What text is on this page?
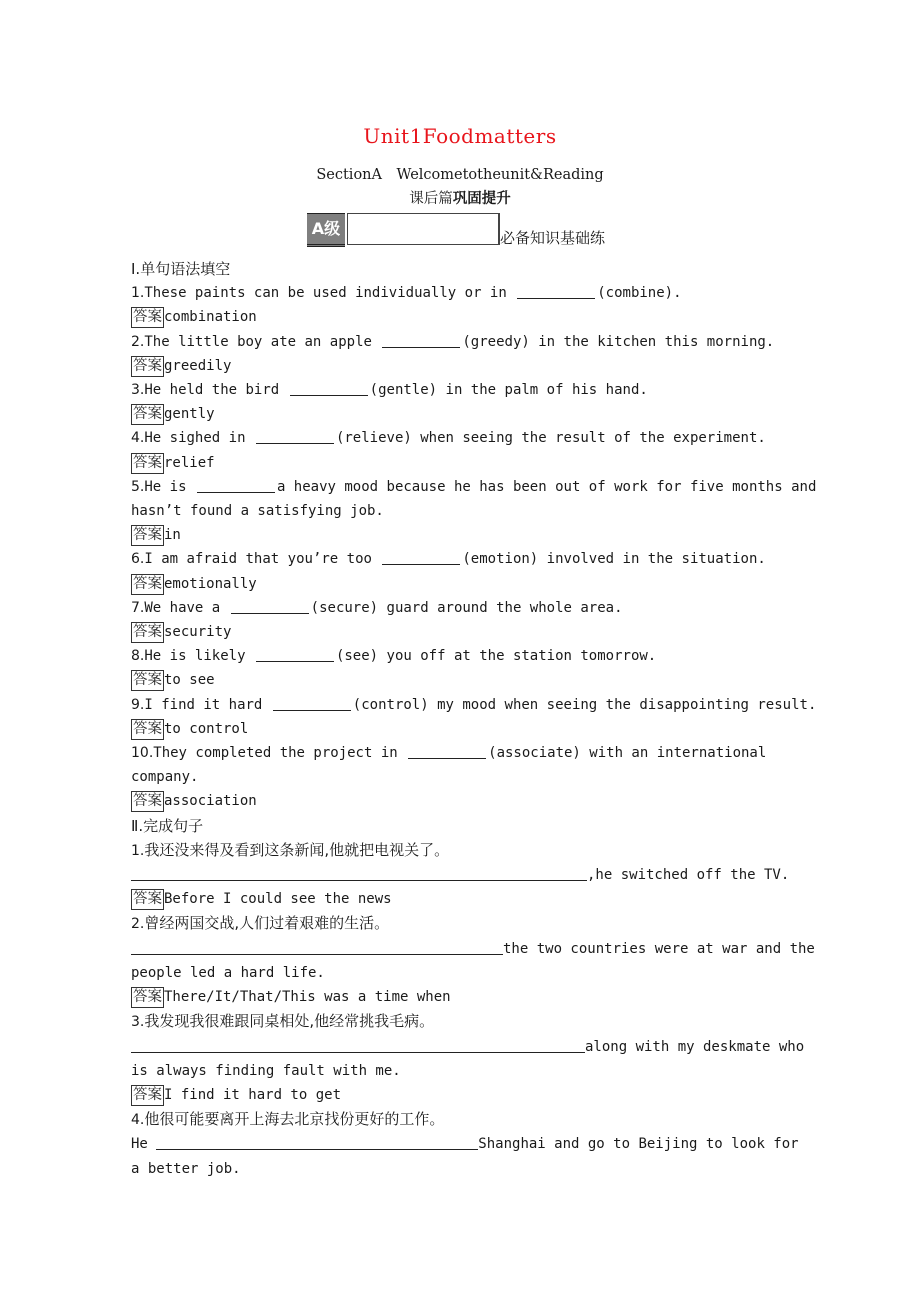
Unit1Foodmatters
SectionA　Welcometotheunit&Reading
课后篇巩固提升
A级	必备知识基础练
Ⅰ.单句语法填空
1.These paints can be used individually or in	(combine).
答案 combination
2.The little boy ate an apple	(greedy) in the kitchen this morning.
答案 greedily
3.He held the bird	(gentle) in the palm of his hand.
答案 gently
4.He sighed in	(relieve) when seeing the result of the experiment.
答案 relief
5.He is	a heavy mood because he has been out of work for five months and
hasn’t found a satisfying job.
答案 in
6.I am afraid that you’re too	(emotion) involved in the situation.
答案 emotionally
7.We have a	(secure) guard around the whole area.
答案 security
8.He is likely	(see) you off at the station tomorrow.
答案 to see
9.I find it hard	(control) my mood when seeing the disappointing result.
答案 to control
10.They completed the project in	(associate) with an international
company.
答案 association
Ⅱ.完成句子
1.我还没来得及看到这条新闻,他就把电视关了。
,he switched off the TV.
答案 Before I could see the news
2.曾经两国交战,人们过着艰难的生活。
the two countries were at war and the
people led a hard life.
答案 There/It/That/This was a time when
3.我发现我很难跟同桌相处,他经常挑我毛病。
along with my deskmate who
is always finding fault with me.
答案 I find it hard to get
4.他很可能要离开上海去北京找份更好的工作。
He	Shanghai and go to Beijing to look for
a better job.
